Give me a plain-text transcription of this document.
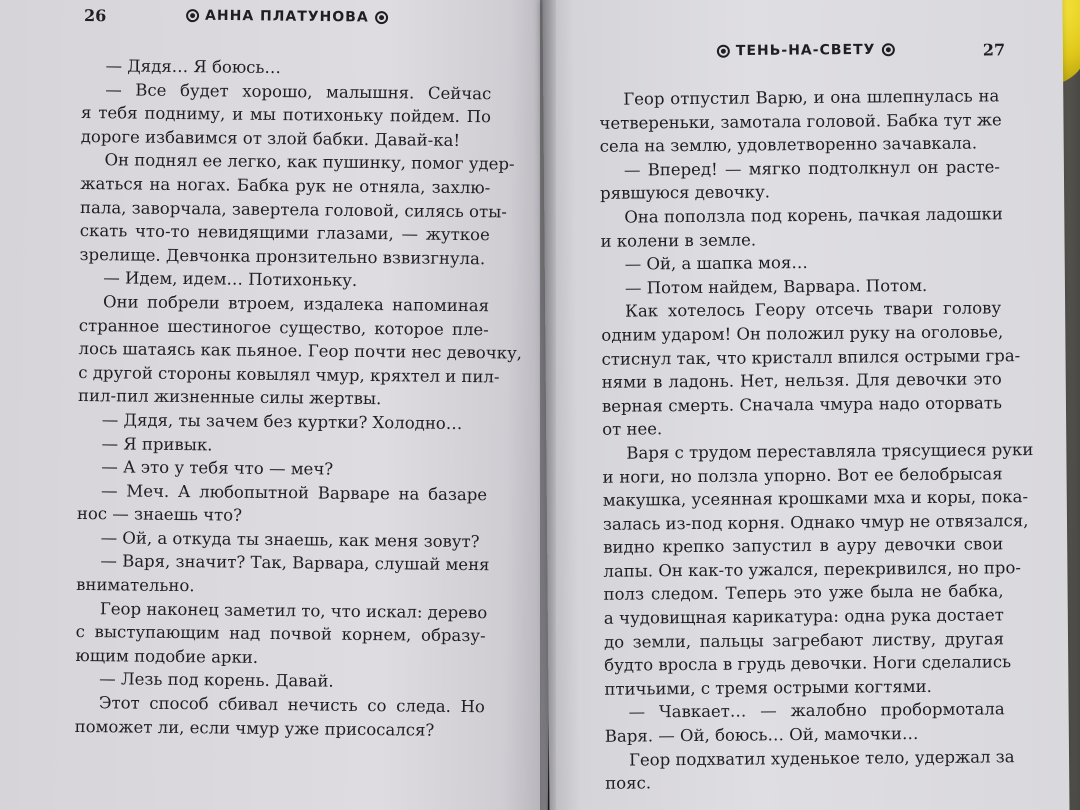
26	АННА ПЛАТУНОВА
— Дядя… Я боюсь…
— Все будет хорошо, малышня. Сейчас
я тебя подниму, и мы потихоньку пойдем. По
дороге избавимся от злой бабки. Давай-ка!
Он поднял ее легко, как пушинку, помог удер-
жаться на ногах. Бабка рук не отняла, захлю-
пала, заворчала, завертела головой, силясь оты-
скать что-то невидящими глазами, — жуткое
зрелище. Девчонка пронзительно взвизгнула.
— Идем, идем… Потихоньку.
Они побрели втроем, издалека напоминая
странное шестиногое существо, которое пле-
лось шатаясь как пьяное. Геор почти нес девочку,
с другой стороны ковылял чмур, кряхтел и пил-
пил-пил жизненные силы жертвы.
— Дядя, ты зачем без куртки? Холодно…
— Я привык.
— А это у тебя что — меч?
— Меч. А любопытной Варваре на базаре
нос — знаешь что?
— Ой, а откуда ты знаешь, как меня зовут?
— Варя, значит? Так, Варвара, слушай меня
внимательно.
Геор наконец заметил то, что искал: дерево
с выступающим над почвой корнем, образу-
ющим подобие арки.
— Лезь под корень. Давай.
Этот способ сбивал нечисть со следа. Но
поможет ли, если чмур уже присосался?
ТЕНЬ-НА-СВЕТУ	27
Геор отпустил Варю, и она шлепнулась на
четвереньки, замотала головой. Бабка тут же
села на землю, удовлетворенно зачавкала.
— Вперед! — мягко подтолкнул он расте-
рявшуюся девочку.
Она поползла под корень, пачкая ладошки
и колени в земле.
— Ой, а шапка моя…
— Потом найдем, Варвара. Потом.
Как хотелось Геору отсечь твари голову
одним ударом! Он положил руку на оголовье,
стиснул так, что кристалл впился острыми гра-
нями в ладонь. Нет, нельзя. Для девочки это
верная смерть. Сначала чмура надо оторвать
от нее.
Варя с трудом переставляла трясущиеся руки
и ноги, но ползла упорно. Вот ее белобрысая
макушка, усеянная крошками мха и коры, пока-
залась из-под корня. Однако чмур не отвязался,
видно крепко запустил в ауру девочки свои
лапы. Он как-то ужался, перекривился, но про-
полз следом. Теперь это уже была не бабка,
а чудовищная карикатура: одна рука достает
до земли, пальцы загребают листву, другая
будто вросла в грудь девочки. Ноги сделались
птичьими, с тремя острыми когтями.
— Чавкает… — жалобно пробормотала
Варя. — Ой, боюсь… Ой, мамочки…
Геор подхватил худенькое тело, удержал за
пояс.
